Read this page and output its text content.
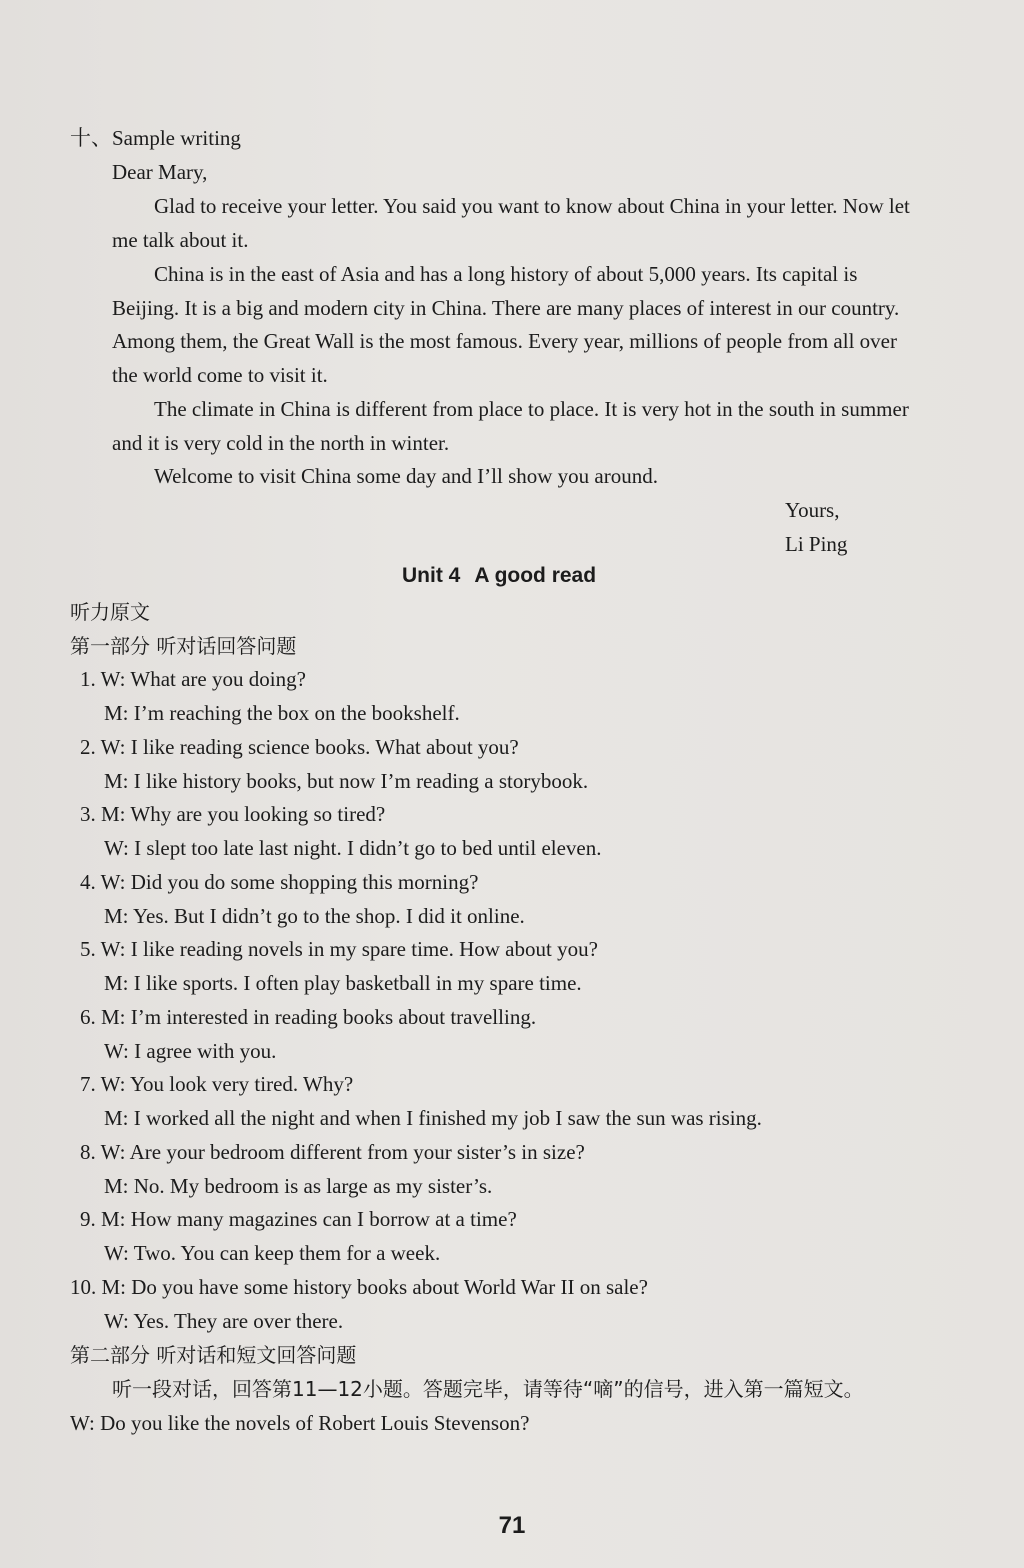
十、Sample writing
Dear Mary,
Glad to receive your letter. You said you want to know about China in your letter. Now let
me talk about it.
China is in the east of Asia and has a long history of about 5,000 years. Its capital is
Beijing. It is a big and modern city in China. There are many places of interest in our country.
Among them, the Great Wall is the most famous. Every year, millions of people from all over
the world come to visit it.
The climate in China is different from place to place. It is very hot in the south in summer
and it is very cold in the north in winter.
Welcome to visit China some day and I’ll show you around.
Yours,
Li Ping
Unit 4 A good read
听力原文
第一部分 听对话回答问题
1. W: What are you doing?
M: I’m reaching the box on the bookshelf.
2. W: I like reading science books. What about you?
M: I like history books, but now I’m reading a storybook.
3. M: Why are you looking so tired?
W: I slept too late last night. I didn’t go to bed until eleven.
4. W: Did you do some shopping this morning?
M: Yes. But I didn’t go to the shop. I did it online.
5. W: I like reading novels in my spare time. How about you?
M: I like sports. I often play basketball in my spare time.
6. M: I’m interested in reading books about travelling.
W: I agree with you.
7. W: You look very tired. Why?
M: I worked all the night and when I finished my job I saw the sun was rising.
8. W: Are your bedroom different from your sister’s in size?
M: No. My bedroom is as large as my sister’s.
9. M: How many magazines can I borrow at a time?
W: Two. You can keep them for a week.
10. M: Do you have some history books about World War II on sale?
W: Yes. They are over there.
第二部分 听对话和短文回答问题
听一段对话，回答第11—12小题。答题完毕，请等待“嘀”的信号，进入第一篇短文。
W: Do you like the novels of Robert Louis Stevenson?
71
